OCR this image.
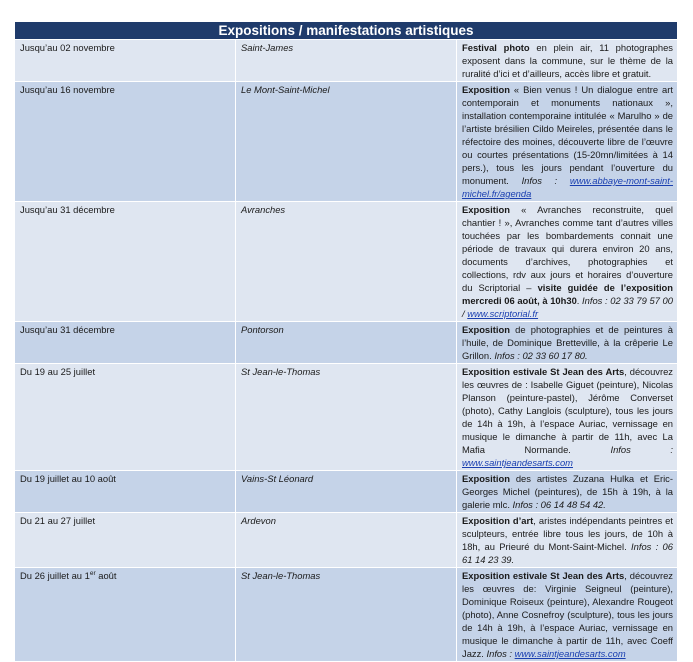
Expositions / manifestations artistiques		
Jusqu’au 02 novembre	Saint-James	Festival photo en plein air, 11 photographes exposent dans la commune, sur le thème de la ruralité d’ici et d’ailleurs, accès libre et gratuit.
Jusqu’au 16 novembre	Le Mont-Saint-Michel	Exposition « Bien venus ! Un dialogue entre art contemporain et monuments nationaux », installation contemporaine intitulée « Marulho » de l’artiste brésilien Cildo Meireles, présentée dans le réfectoire des moines, découverte libre de l’œuvre ou courtes présentations (15-20mn/limitées à 14 pers.), tous les jours pendant l’ouverture du monument. Infos : www.abbaye-mont-saint-michel.fr/agenda
Jusqu’au 31 décembre	Avranches	Exposition « Avranches reconstruite, quel chantier ! », Avranches comme tant d’autres villes touchées par les bombardements connait une période de travaux qui durera environ 20 ans, documents d’archives, photographies et collections, rdv aux jours et horaires d’ouverture du Scriptorial – visite guidée de l’exposition mercredi 06 août, à 10h30. Infos : 02 33 79 57 00 / www.scriptorial.fr
Jusqu’au 31 décembre	Pontorson	Exposition de photographies et de peintures à l’huile, de Dominique Bretteville, à la crêperie Le Grillon. Infos : 02 33 60 17 80.
Du 19 au 25 juillet	St Jean-le-Thomas	Exposition estivale St Jean des Arts, découvrez les œuvres de : Isabelle Giguet (peinture), Nicolas Planson (peinture-pastel), Jérôme Converset (photo), Cathy Langlois (sculpture), tous les jours de 14h à 19h, à l’espace Auriac, vernissage en musique le dimanche à partir de 11h, avec La Mafia Normande. Infos : www.saintjeandesarts.com
Du 19 juillet au 10 août	Vains-St Léonard	Exposition des artistes Zuzana Hulka et Eric-Georges Michel (peintures), de 15h à 19h, à la galerie mlc. Infos : 06 14 48 54 42.
Du 21 au 27 juillet	Ardevon	Exposition d’art, aristes indépendants peintres et sculpteurs, entrée libre tous les jours, de 10h à 18h, au Prieuré du Mont-Saint-Michel. Infos : 06 61 14 23 39.
Du 26 juillet au 1er août	St Jean-le-Thomas	Exposition estivale St Jean des Arts, découvrez les œuvres de: Virginie Seigneul (peinture), Dominique Roiseux (peinture), Alexandre Rougeot (photo), Anne Cosnefroy (sculpture), tous les jours de 14h à 19h, à l’espace Auriac, vernissage en musique le dimanche à partir de 11h, avec Coeff Jazz. Infos : www.saintjeandesarts.com
